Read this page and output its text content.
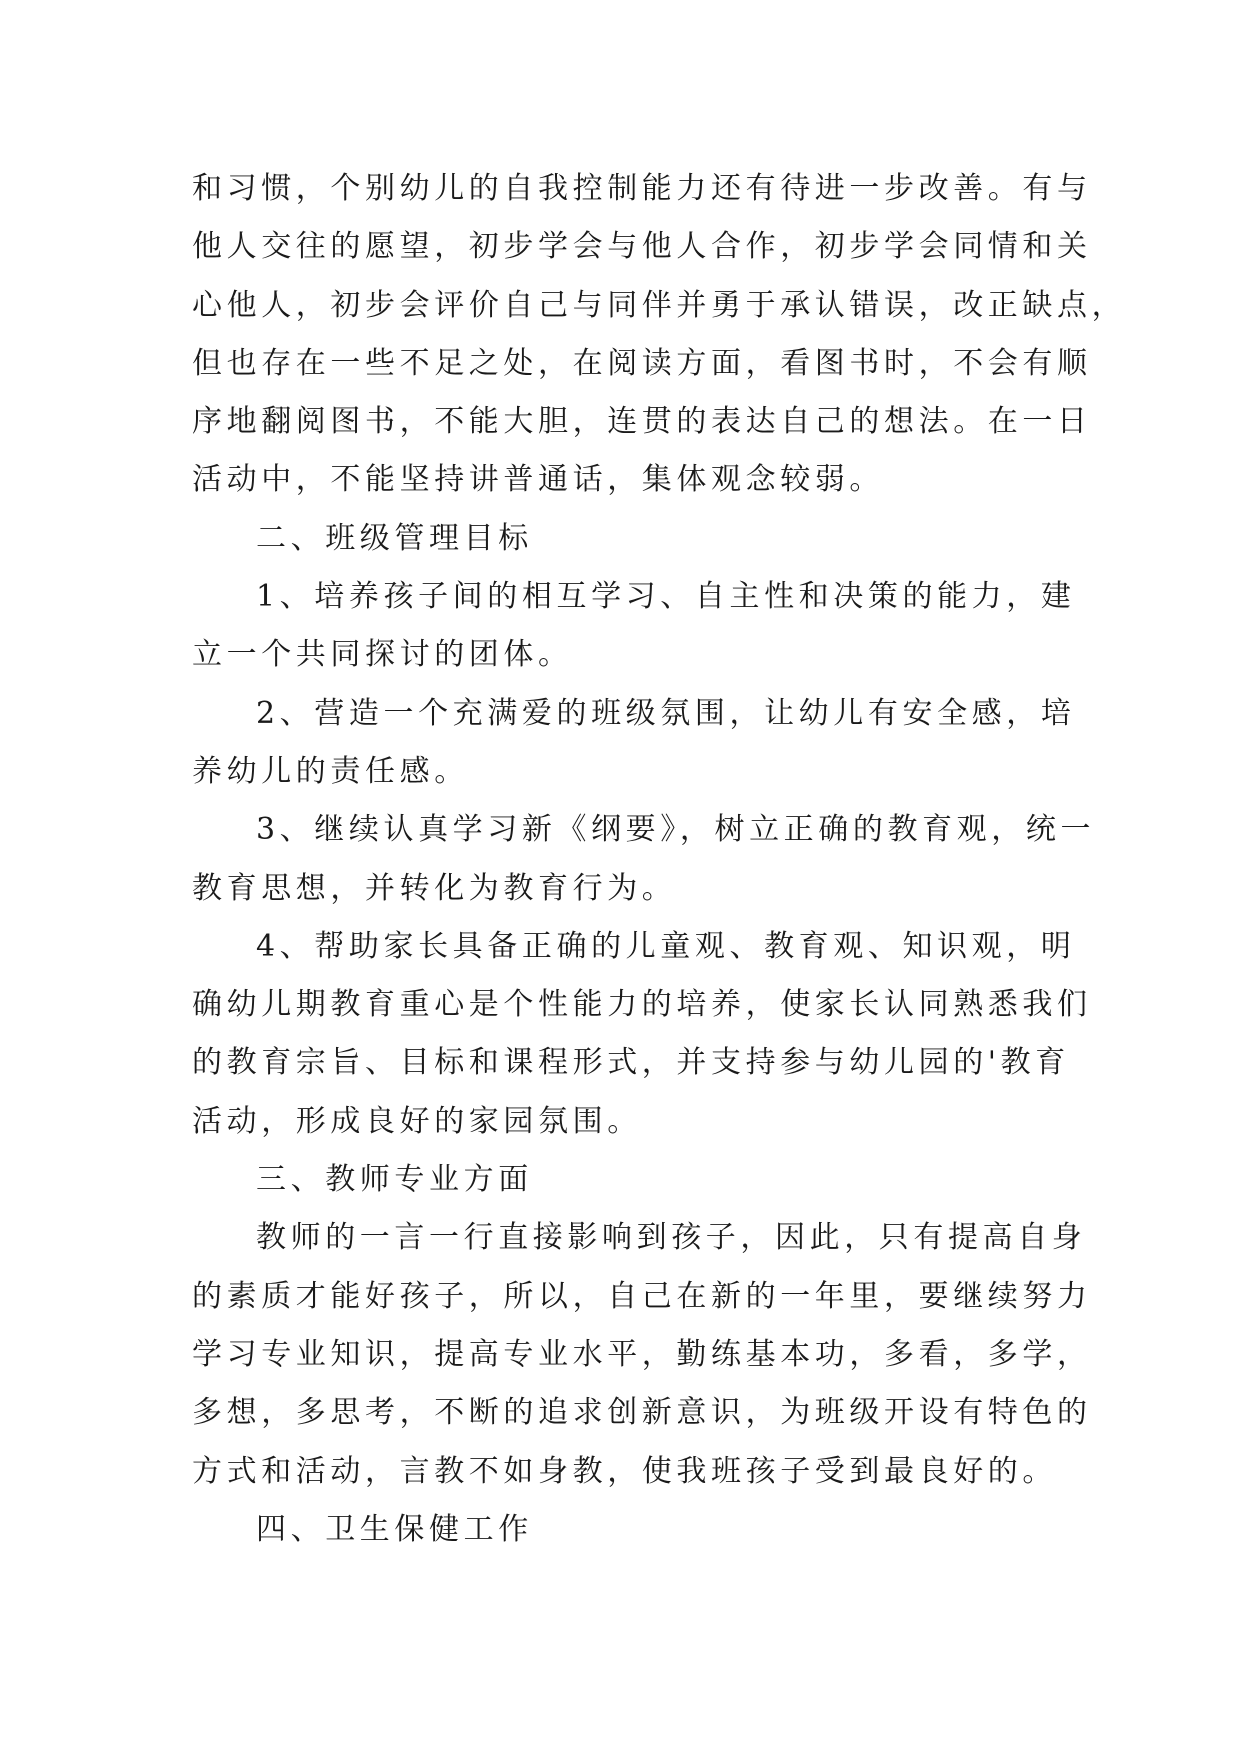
和习惯，个别幼儿的自我控制能力还有待进一步改善。有与
他人交往的愿望，初步学会与他人合作，初步学会同情和关
心他人，初步会评价自己与同伴并勇于承认错误，改正缺点，
但也存在一些不足之处，在阅读方面，看图书时，不会有顺
序地翻阅图书，不能大胆，连贯的表达自己的想法。在一日
活动中，不能坚持讲普通话，集体观念较弱。
二、班级管理目标
1、培养孩子间的相互学习、自主性和决策的能力，建
立一个共同探讨的团体。
2、营造一个充满爱的班级氛围，让幼儿有安全感，培
养幼儿的责任感。
3、继续认真学习新《纲要》，树立正确的教育观，统一
教育思想，并转化为教育行为。
4、帮助家长具备正确的儿童观、教育观、知识观，明
确幼儿期教育重心是个性能力的培养，使家长认同熟悉我们
的教育宗旨、目标和课程形式，并支持参与幼儿园的'教育
活动，形成良好的家园氛围。
三、教师专业方面
教师的一言一行直接影响到孩子，因此，只有提高自身
的素质才能好孩子，所以，自己在新的一年里，要继续努力
学习专业知识，提高专业水平，勤练基本功，多看，多学，
多想，多思考，不断的追求创新意识，为班级开设有特色的
方式和活动，言教不如身教，使我班孩子受到最良好的。
四、卫生保健工作
